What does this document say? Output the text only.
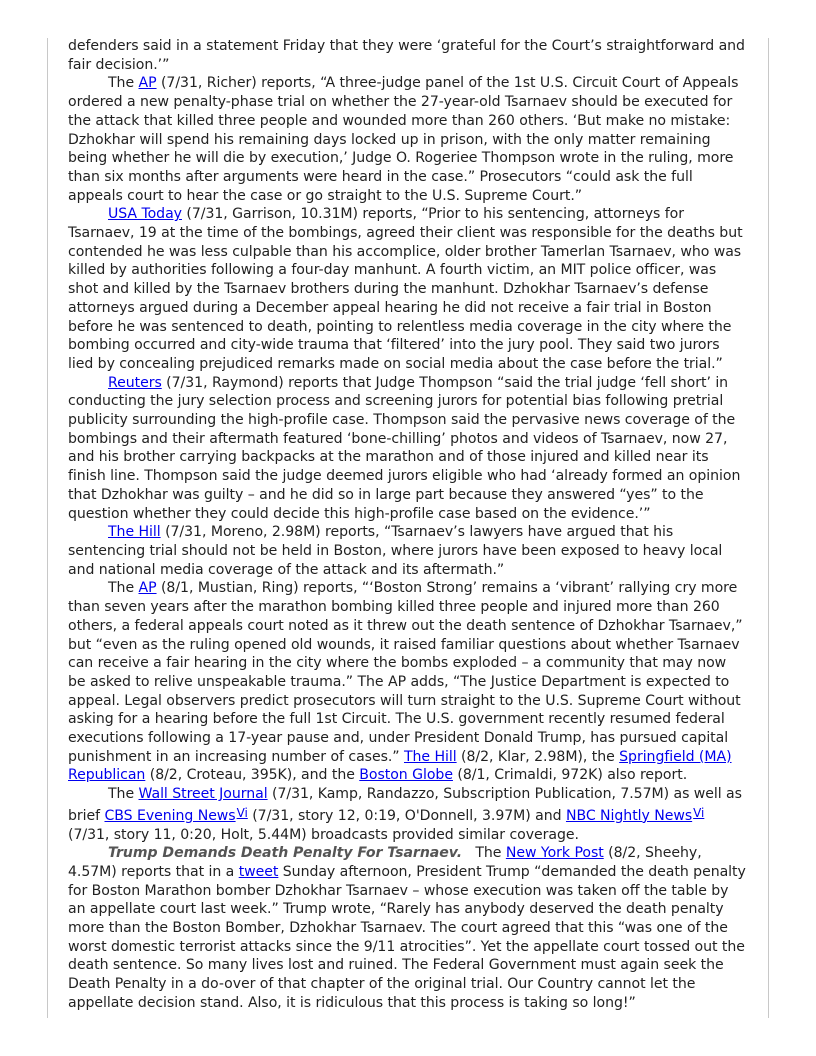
defenders said in a statement Friday that they were ‘grateful for the Court’s straightforward and fair decision.’”

The AP (7/31, Richer) reports, “A three-judge panel of the 1st U.S. Circuit Court of Appeals ordered a new penalty-phase trial on whether the 27-year-old Tsarnaev should be executed for the attack that killed three people and wounded more than 260 others. ‘But make no mistake: Dzhokhar will spend his remaining days locked up in prison, with the only matter remaining being whether he will die by execution,’ Judge O. Rogeriee Thompson wrote in the ruling, more than six months after arguments were heard in the case.” Prosecutors “could ask the full appeals court to hear the case or go straight to the U.S. Supreme Court.”

USA Today (7/31, Garrison, 10.31M) reports, “Prior to his sentencing, attorneys for Tsarnaev, 19 at the time of the bombings, agreed their client was responsible for the deaths but contended he was less culpable than his accomplice, older brother Tamerlan Tsarnaev, who was killed by authorities following a four-day manhunt. A fourth victim, an MIT police officer, was shot and killed by the Tsarnaev brothers during the manhunt. Dzhokhar Tsarnaev’s defense attorneys argued during a December appeal hearing he did not receive a fair trial in Boston before he was sentenced to death, pointing to relentless media coverage in the city where the bombing occurred and city-wide trauma that ‘filtered’ into the jury pool. They said two jurors lied by concealing prejudiced remarks made on social media about the case before the trial.”

Reuters (7/31, Raymond) reports that Judge Thompson “said the trial judge ‘fell short’ in conducting the jury selection process and screening jurors for potential bias following pretrial publicity surrounding the high-profile case. Thompson said the pervasive news coverage of the bombings and their aftermath featured ‘bone-chilling’ photos and videos of Tsarnaev, now 27, and his brother carrying backpacks at the marathon and of those injured and killed near its finish line. Thompson said the judge deemed jurors eligible who had ‘already formed an opinion that Dzhokhar was guilty – and he did so in large part because they answered “yes” to the question whether they could decide this high-profile case based on the evidence.’”

The Hill (7/31, Moreno, 2.98M) reports, “Tsarnaev’s lawyers have argued that his sentencing trial should not be held in Boston, where jurors have been exposed to heavy local and national media coverage of the attack and its aftermath.”

The AP (8/1, Mustian, Ring) reports, “‘Boston Strong’ remains a ‘vibrant’ rallying cry more than seven years after the marathon bombing killed three people and injured more than 260 others, a federal appeals court noted as it threw out the death sentence of Dzhokhar Tsarnaev,” but “even as the ruling opened old wounds, it raised familiar questions about whether Tsarnaev can receive a fair hearing in the city where the bombs exploded – a community that may now be asked to relive unspeakable trauma.” The AP adds, “The Justice Department is expected to appeal. Legal observers predict prosecutors will turn straight to the U.S. Supreme Court without asking for a hearing before the full 1st Circuit. The U.S. government recently resumed federal executions following a 17-year pause and, under President Donald Trump, has pursued capital punishment in an increasing number of cases.” The Hill (8/2, Klar, 2.98M), the Springfield (MA) Republican (8/2, Croteau, 395K), and the Boston Globe (8/1, Crimaldi, 972K) also report.

The Wall Street Journal (7/31, Kamp, Randazzo, Subscription Publication, 7.57M) as well as brief CBS Evening NewsVi (7/31, story 12, 0:19, O'Donnell, 3.97M) and NBC Nightly NewsVi (7/31, story 11, 0:20, Holt, 5.44M) broadcasts provided similar coverage.

Trump Demands Death Penalty For Tsarnaev.   The New York Post (8/2, Sheehy, 4.57M) reports that in a tweet Sunday afternoon, President Trump “demanded the death penalty for Boston Marathon bomber Dzhokhar Tsarnaev – whose execution was taken off the table by an appellate court last week.” Trump wrote, “Rarely has anybody deserved the death penalty more than the Boston Bomber, Dzhokhar Tsarnaev. The court agreed that this “was one of the worst domestic terrorist attacks since the 9/11 atrocities”. Yet the appellate court tossed out the death sentence. So many lives lost and ruined. The Federal Government must again seek the Death Penalty in a do-over of that chapter of the original trial. Our Country cannot let the appellate decision stand. Also, it is ridiculous that this process is taking so long!”
